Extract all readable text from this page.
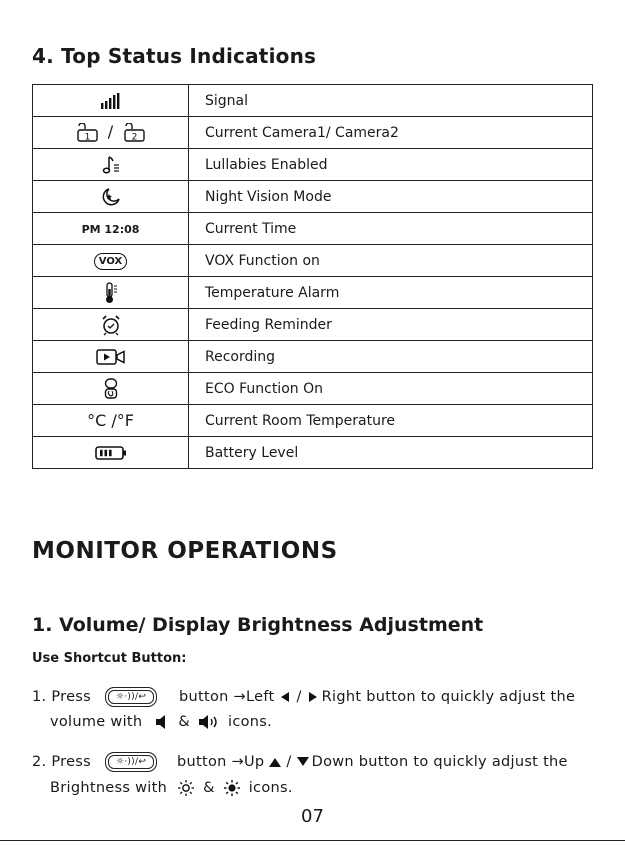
4. Top Status Indications
	Signal

1 / 2	Current Camera1/ Camera2
	Lullabies Enabled
	Night Vision Mode
PM 12:08	Current Time
VOX	VOX Function on
	Temperature Alarm
	Feeding Reminder
	Recording
	ECO Function On
°C /°F	Current Room Temperature
	Battery Level
MONITOR OPERATIONS
1. Volume/ Display Brightness Adjustment

Use Shortcut Button:

1. Press	☼·))/↩	button →Left / Right button to quickly adjust the
volume with &	icons.
2. Press	☼·))/↩	button →Up / Down button to quickly adjust the
Brightness with & icons.
07
